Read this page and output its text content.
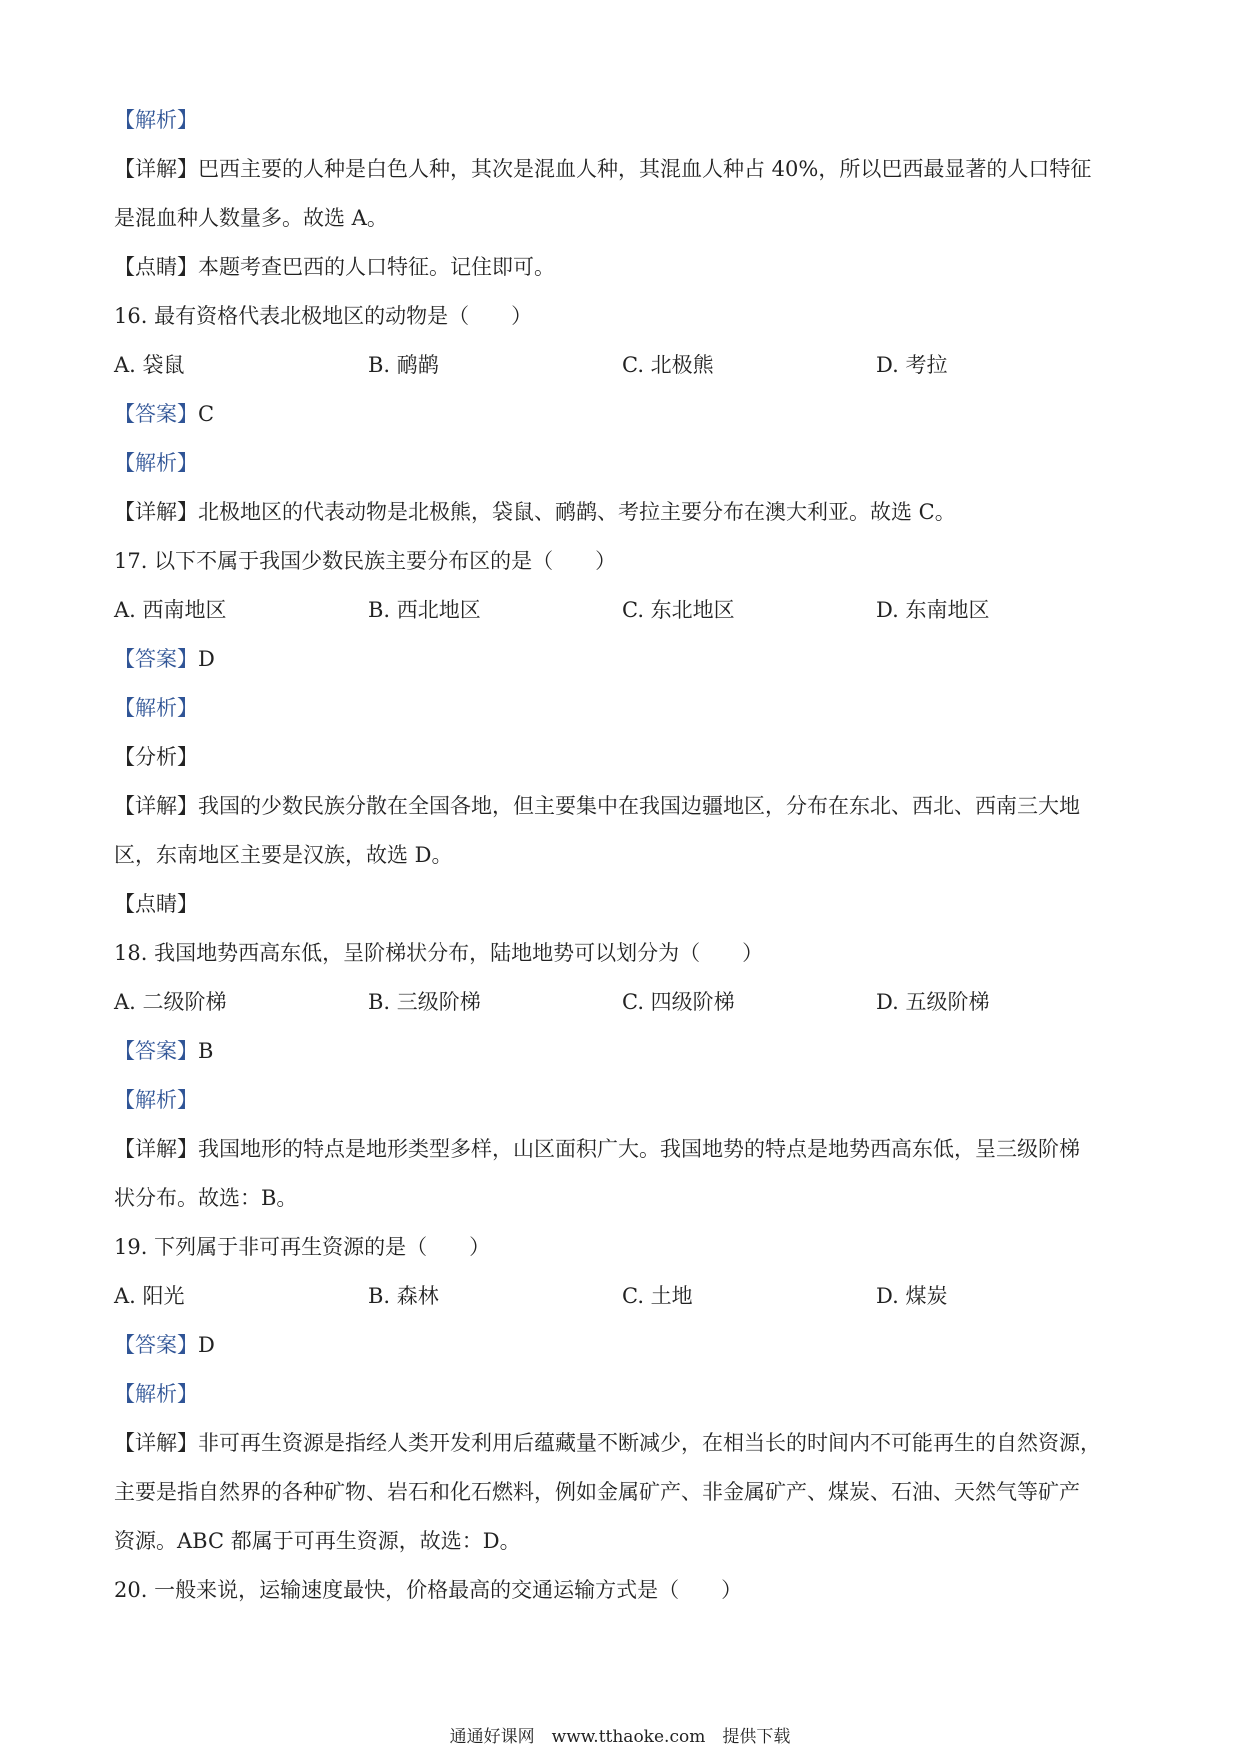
【解析】
【详解】巴西主要的人种是白色人种，其次是混血人种，其混血人种占 40%，所以巴西最显著的人口特征
是混血种人数量多。故选 A。
【点睛】本题考查巴西的人口特征。记住即可。
16. 最有资格代表北极地区的动物是（　　）
A. 袋鼠	B. 鸸鹋	C. 北极熊	D. 考拉
【答案】C
【解析】
【详解】北极地区的代表动物是北极熊，袋鼠、鸸鹋、考拉主要分布在澳大利亚。故选 C。
17. 以下不属于我国少数民族主要分布区的是（　　）
A. 西南地区	B. 西北地区	C. 东北地区	D. 东南地区
【答案】D
【解析】
【分析】
【详解】我国的少数民族分散在全国各地，但主要集中在我国边疆地区，分布在东北、西北、西南三大地
区，东南地区主要是汉族，故选 D。
【点睛】
18. 我国地势西高东低，呈阶梯状分布，陆地地势可以划分为（　　）
A. 二级阶梯	B. 三级阶梯	C. 四级阶梯	D. 五级阶梯
【答案】B
【解析】
【详解】我国地形的特点是地形类型多样，山区面积广大。我国地势的特点是地势西高东低，呈三级阶梯
状分布。故选：B。
19. 下列属于非可再生资源的是（　　）
A. 阳光	B. 森林	C. 土地	D. 煤炭
【答案】D
【解析】
【详解】非可再生资源是指经人类开发利用后蕴藏量不断减少，在相当长的时间内不可能再生的自然资源，
主要是指自然界的各种矿物、岩石和化石燃料，例如金属矿产、非金属矿产、煤炭、石油、天然气等矿产
资源。ABC 都属于可再生资源，故选：D。
20. 一般来说，运输速度最快，价格最高的交通运输方式是（　　）
通通好课网　www.tthaoke.com　提供下载
